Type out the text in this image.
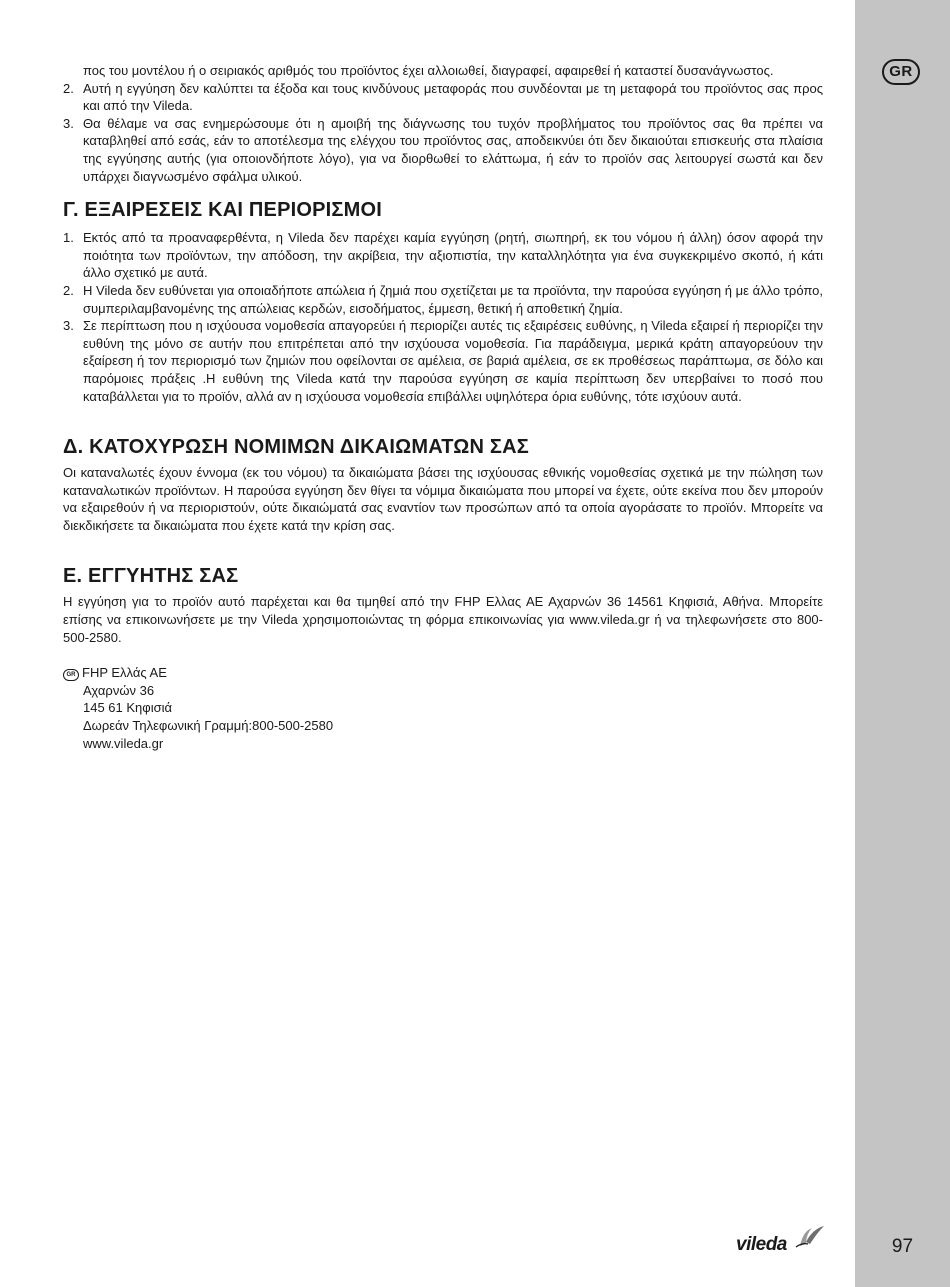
GR
97
πος του μοντέλου ή ο σειριακός αριθμός του προϊόντος έχει αλλοιωθεί, διαγραφεί, αφαιρεθεί ή καταστεί δυσανάγνωστος.
2. Αυτή η εγγύηση δεν καλύπτει τα έξοδα και τους κινδύνους μεταφοράς που συνδέονται με τη μεταφορά του προϊόντος σας προς και από την Vileda.
3. Θα θέλαμε να σας ενημερώσουμε ότι η αμοιβή της διάγνωσης του τυχόν προβλήματος του προϊόντος σας θα πρέπει να καταβληθεί από εσάς, εάν το αποτέλεσμα της ελέγχου του προϊόντος σας, αποδεικνύει ότι δεν δικαιούται επισκευής στα πλαίσια της εγγύησης αυτής (για οποιονδήποτε λόγο), για να διορθωθεί το ελάττωμα, ή εάν το προϊόν σας λειτουργεί σωστά και δεν υπάρχει διαγνωσμένο σφάλμα υλικού.
Γ. ΕΞΑΙΡΕΣΕΙΣ ΚΑΙ ΠΕΡΙΟΡΙΣΜΟΙ
1. Εκτός από τα προαναφερθέντα, η Vileda δεν παρέχει καμία εγγύηση (ρητή, σιωπηρή, εκ του νόμου ή άλλη) όσον αφορά την ποιότητα των προϊόντων, την απόδοση, την ακρίβεια, την αξιοπιστία, την καταλληλότητα για ένα συγκεκριμένο σκοπό, ή κάτι άλλο σχετικό με αυτά.
2. Η Vileda δεν ευθύνεται για οποιαδήποτε απώλεια ή ζημιά που σχετίζεται με τα προϊόντα, την παρούσα εγγύηση ή με άλλο τρόπο, συμπεριλαμβανομένης της απώλειας κερδών, εισοδήματος, έμμεση, θετική ή αποθετική ζημία.
3. Σε περίπτωση που η ισχύουσα νομοθεσία απαγορεύει ή περιορίζει αυτές τις εξαιρέσεις ευθύνης, η Vileda εξαιρεί ή περιορίζει την ευθύνη της μόνο σε αυτήν που επιτρέπεται από την ισχύουσα νομοθεσία. Για παράδειγμα, μερικά κράτη απαγορεύουν την εξαίρεση ή τον περιορισμό των ζημιών που οφείλονται σε αμέλεια, σε βαριά αμέλεια, σε εκ προθέσεως παράπτωμα, σε δόλο και παρόμοιες πράξεις .Η ευθύνη της Vileda κατά την παρούσα εγγύηση σε καμία περίπτωση δεν υπερβαίνει το ποσό που καταβάλλεται για το προϊόν, αλλά αν η ισχύουσα νομοθεσία επιβάλλει υψηλότερα όρια ευθύνης, τότε ισχύουν αυτά.
Δ. ΚΑΤΟΧΥΡΩΣΗ ΝΟΜΙΜΩΝ ΔΙΚΑΙΩΜΑΤΩΝ ΣΑΣ

Οι καταναλωτές έχουν έννομα (εκ του νόμου) τα δικαιώματα βάσει της ισχύουσας εθνικής νομοθεσίας σχετικά με την πώληση των καταναλωτικών προϊόντων. Η παρούσα εγγύηση δεν θίγει τα νόμιμα δικαιώματα που μπορεί να έχετε, ούτε εκείνα που δεν μπορούν να εξαιρεθούν ή να περιοριστούν, ούτε δικαιώματά σας εναντίον των προσώπων από τα οποία αγοράσατε το προϊόν. Μπορείτε να διεκδικήσετε τα δικαιώματα που έχετε κατά την κρίση σας.

Ε. ΕΓΓΥΗΤΗΣ ΣΑΣ

Η εγγύηση για το προϊόν αυτό παρέχεται και θα τιμηθεί από την FHP Ελλας ΑΕ Αχαρνών 36 14561 Κηφισιά, Αθήνα. Μπορείτε επίσης να επικοινωνήσετε με την Vileda χρησιμοποιώντας τη φόρμα επικοινωνίας για www.vileda.gr ή να τηλεφωνήσετε στο 800-500-2580.

GR FHP Ελλάς ΑΕ
Αχαρνών 36
145 61 Κηφισιά
Δωρεάν Τηλεφωνική Γραμμή:800-500-2580
www.vileda.gr
vileda
